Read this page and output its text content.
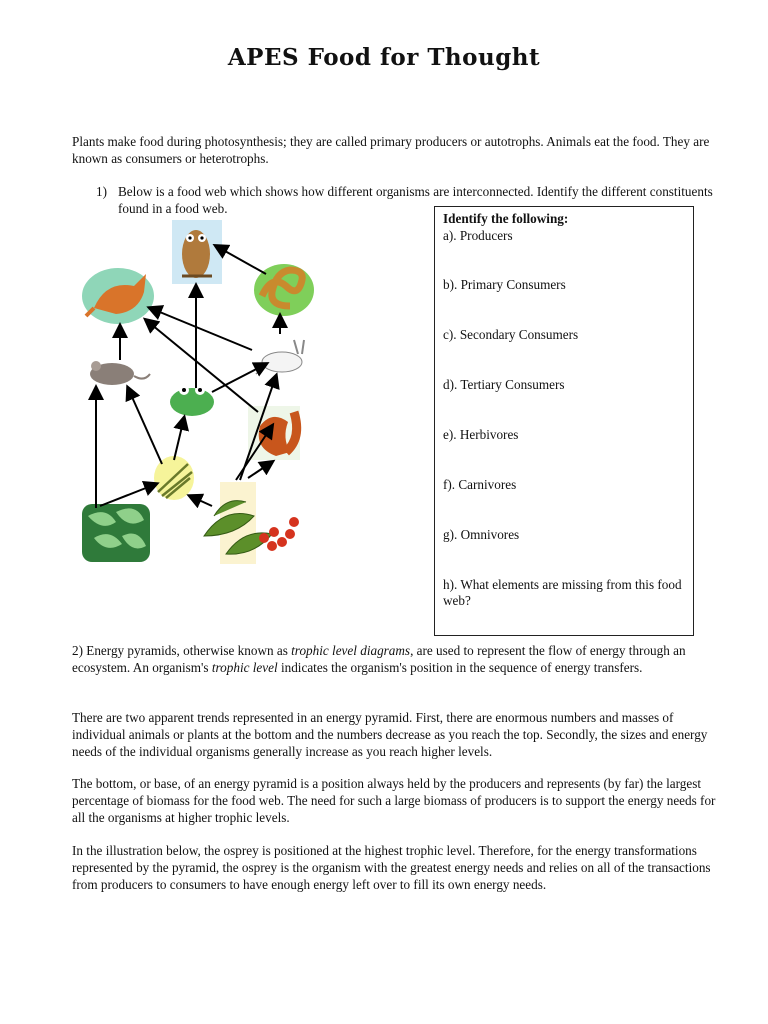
APES Food for Thought
Plants make food during photosynthesis; they are called primary producers or autotrophs. Animals eat the food. They are known as consumers or heterotrophs.
1) Below is a food web which shows how different organisms are interconnected. Identify the different constituents found in a food web.
Identify the following:
a). Producers
b). Primary Consumers
c). Secondary Consumers
d). Tertiary Consumers
e). Herbivores
f). Carnivores
g). Omnivores
h). What elements are missing from this food web?
2) Energy pyramids, otherwise known as trophic level diagrams, are used to represent the flow of energy through an ecosystem. An organism's trophic level indicates the organism's position in the sequence of energy transfers.
There are two apparent trends represented in an energy pyramid. First, there are enormous numbers and masses of individual animals or plants at the bottom and the numbers decrease as you reach the top. Secondly, the sizes and energy needs of the individual organisms generally increase as you reach higher levels.
The bottom, or base, of an energy pyramid is a position always held by the producers and represents (by far) the largest percentage of biomass for the food web. The need for such a large biomass of producers is to support the energy needs for all the organisms at higher trophic levels.
In the illustration below, the osprey is positioned at the highest trophic level. Therefore, for the energy transformations represented by the pyramid, the osprey is the organism with the greatest energy needs and relies on all of the transactions from producers to consumers to have enough energy left over to fill its own energy needs.
